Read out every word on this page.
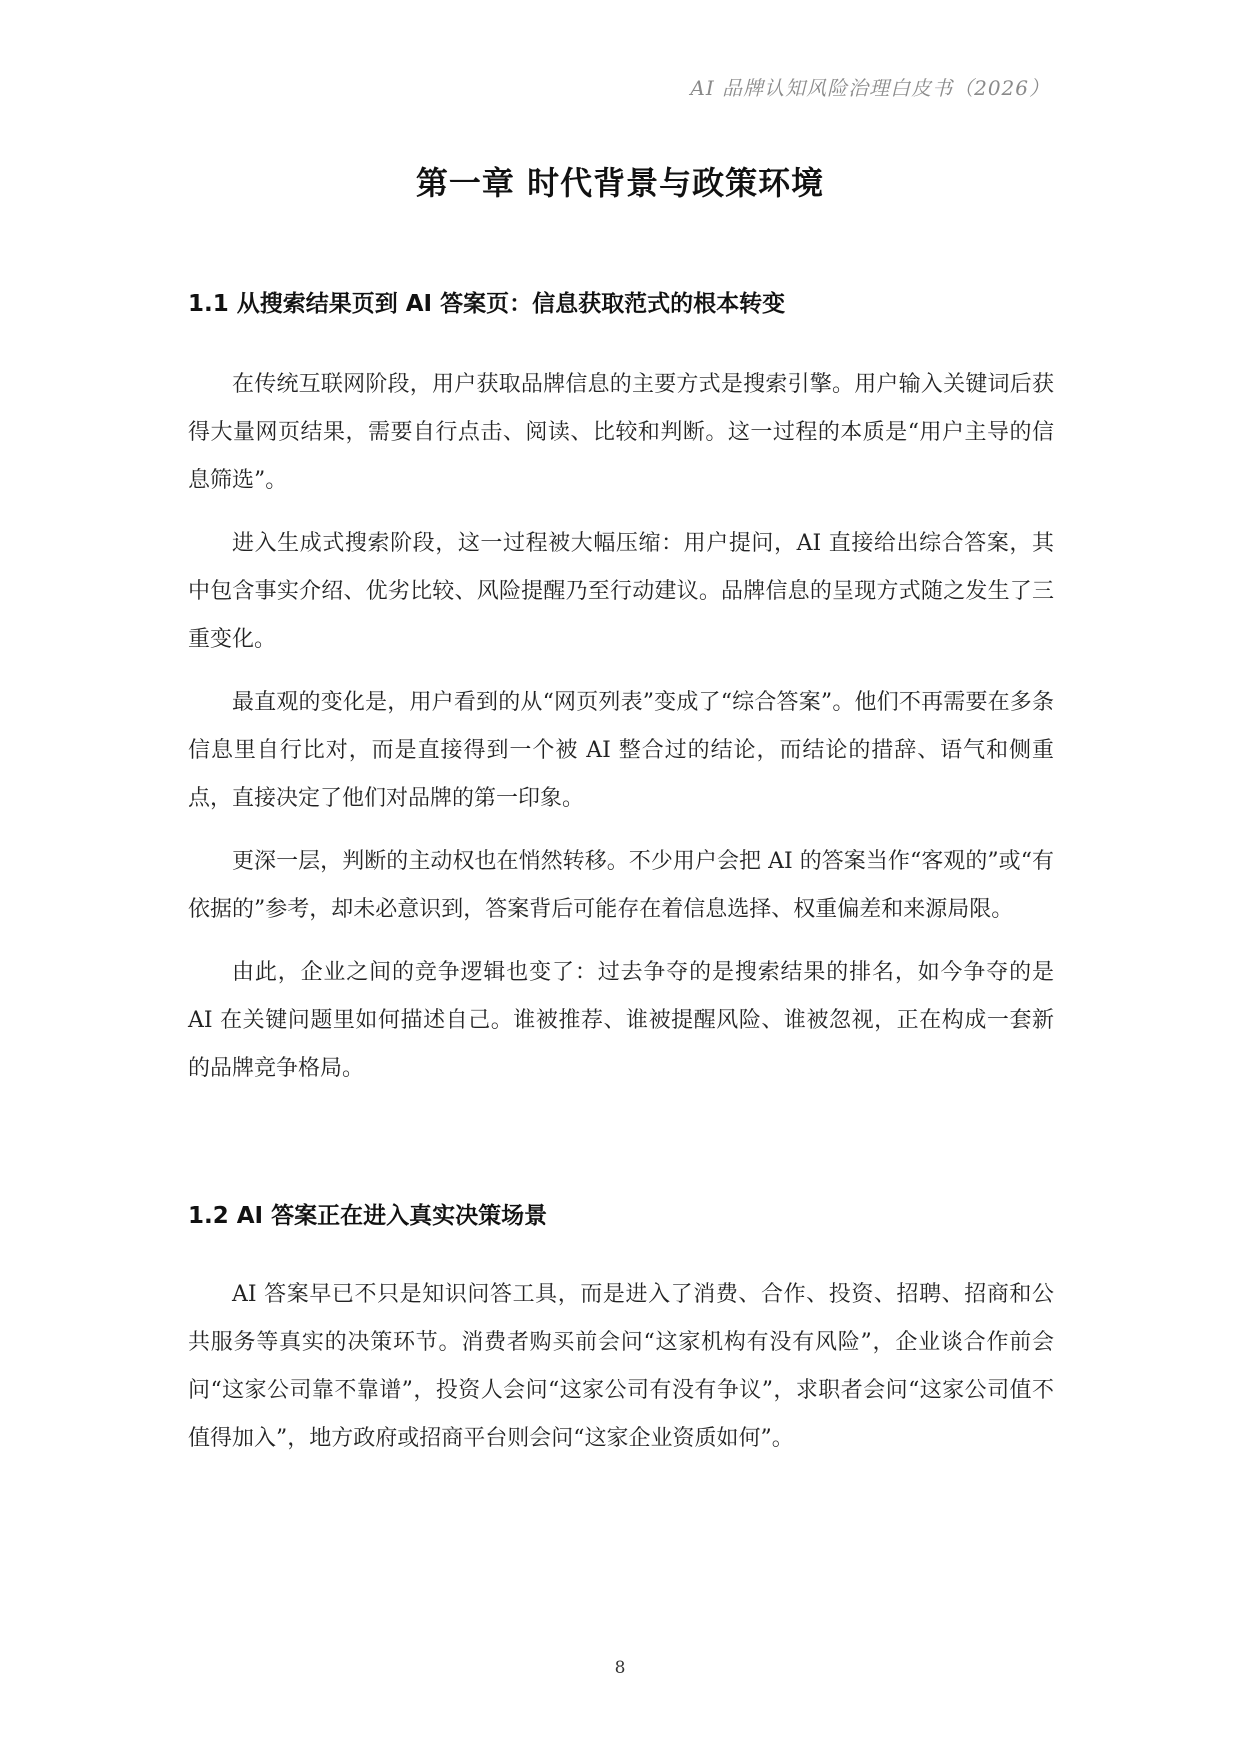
AI 品牌认知风险治理白皮书（2026）
第一章 时代背景与政策环境
1.1 从搜索结果页到 AI 答案页：信息获取范式的根本转变

在传统互联网阶段，用户获取品牌信息的主要方式是搜索引擎。用户输入关键词后获得大量网页结果，需要自行点击、阅读、比较和判断。这一过程的本质是“用户主导的信息筛选”。

进入生成式搜索阶段，这一过程被大幅压缩：用户提问，AI 直接给出综合答案，其中包含事实介绍、优劣比较、风险提醒乃至行动建议。品牌信息的呈现方式随之发生了三重变化。

最直观的变化是，用户看到的从“网页列表”变成了“综合答案”。他们不再需要在多条信息里自行比对，而是直接得到一个被 AI 整合过的结论，而结论的措辞、语气和侧重点，直接决定了他们对品牌的第一印象。

更深一层，判断的主动权也在悄然转移。不少用户会把 AI 的答案当作“客观的”或“有依据的”参考，却未必意识到，答案背后可能存在着信息选择、权重偏差和来源局限。

由此，企业之间的竞争逻辑也变了：过去争夺的是搜索结果的排名，如今争夺的是 AI 在关键问题里如何描述自己。谁被推荐、谁被提醒风险、谁被忽视，正在构成一套新的品牌竞争格局。

1.2 AI 答案正在进入真实决策场景

AI 答案早已不只是知识问答工具，而是进入了消费、合作、投资、招聘、招商和公共服务等真实的决策环节。消费者购买前会问“这家机构有没有风险”，企业谈合作前会问“这家公司靠不靠谱”，投资人会问“这家公司有没有争议”，求职者会问“这家公司值不值得加入”，地方政府或招商平台则会问“这家企业资质如何”。

8
